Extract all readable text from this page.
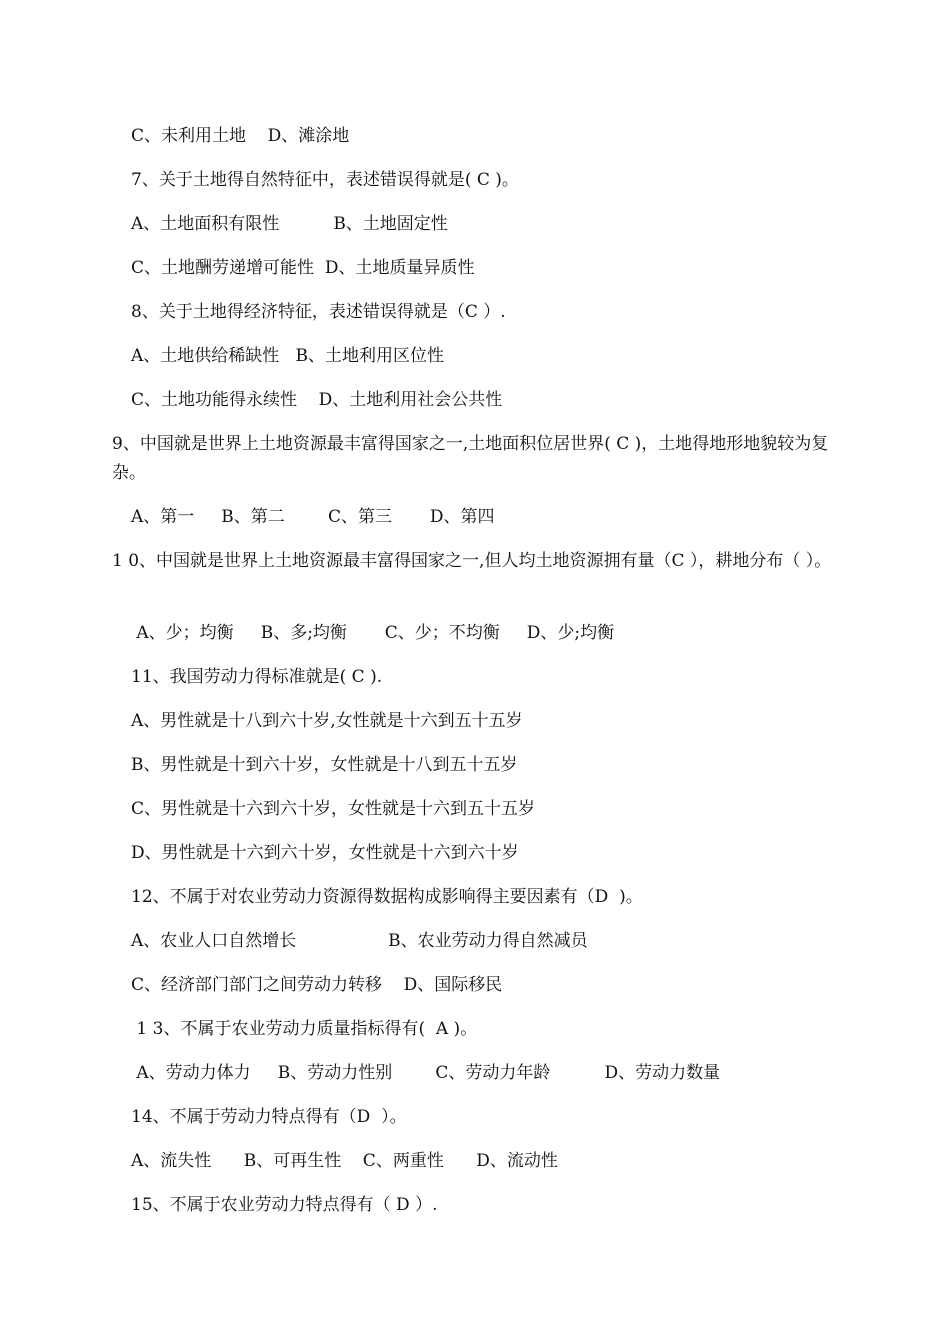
C、未利用土地    D、滩涂地
7、关于土地得自然特征中，表述错误得就是( C )。
A、土地面积有限性          B、土地固定性
C、土地酬劳递增可能性  D、土地质量异质性
8、关于土地得经济特征，表述错误得就是（C ）.
A、土地供给稀缺性   B、土地利用区位性
C、土地功能得永续性    D、土地利用社会公共性
9、中国就是世界上土地资源最丰富得国家之一,土地面积位居世界( C )，土地得地形地貌较为复杂。
A、第一     B、第二        C、第三       D、第四
1 0、中国就是世界上土地资源最丰富得国家之一,但人均土地资源拥有量（C ），耕地分布（ ）。
A、少；均衡     B、多;均衡       C、少；不均衡     D、少;均衡
11、我国劳动力得标准就是( C ).
A、男性就是十八到六十岁,女性就是十六到五十五岁
B、男性就是十到六十岁，女性就是十八到五十五岁
C、男性就是十六到六十岁，女性就是十六到五十五岁
D、男性就是十六到六十岁，女性就是十六到六十岁
12、不属于对农业劳动力资源得数据构成影响得主要因素有（D  )。
A、农业人口自然增长                 B、农业劳动力得自然减员
C、经济部门部门之间劳动力转移    D、国际移民
1 3、不属于农业劳动力质量指标得有(  A )。
A、劳动力体力     B、劳动力性别        C、劳动力年龄          D、劳动力数量
14、不属于劳动力特点得有（D  ）。
A、流失性      B、可再生性    C、两重性      D、流动性
15、不属于农业劳动力特点得有（ D ）.
